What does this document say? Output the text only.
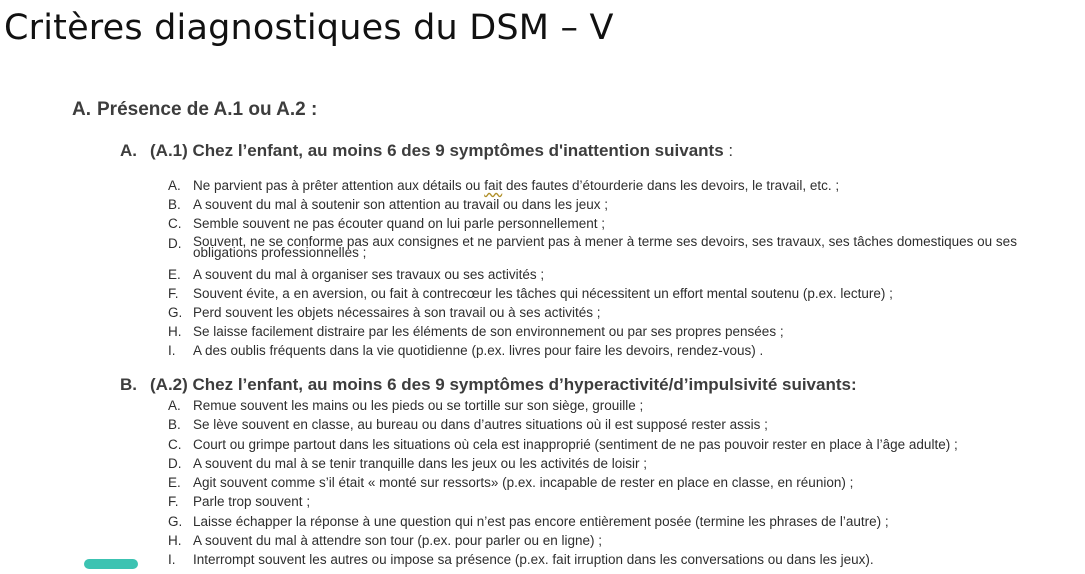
Critères diagnostiques du DSM – V
A. Présence de A.1 ou A.2 :
A. (A.1) Chez l’enfant, au moins 6 des 9 symptômes d'inattention suivants :
A. Ne parvient pas à prêter attention aux détails ou fait des fautes d’étourderie dans les devoirs, le travail, etc. ;
B. A souvent du mal à soutenir son attention au travail ou dans les jeux ;
C. Semble souvent ne pas écouter quand on lui parle personnellement ;
D. Souvent, ne se conforme pas aux consignes et ne parvient pas à mener à terme ses devoirs, ses travaux, ses tâches domestiques ou ses obligations professionnelles ;
E. A souvent du mal à organiser ses travaux ou ses activités ;
F.	Souvent évite, a en aversion, ou fait à contrecœur les tâches qui nécessitent un effort mental soutenu (p.ex. lecture) ;
G. Perd souvent les objets nécessaires à son travail ou à ses activités ;
H. Se laisse facilement distraire par les éléments de son environnement ou par ses propres pensées ;
I.	A des oublis fréquents dans la vie quotidienne (p.ex. livres pour faire les devoirs, rendez-vous) .
B. (A.2) Chez l’enfant, au moins 6 des 9 symptômes d’hyperactivité/d’impulsivité suivants:
A. Remue souvent les mains ou les pieds ou se tortille sur son siège, grouille ;
B. Se lève souvent en classe, au bureau ou dans d’autres situations où il est supposé rester assis ;
C. Court ou grimpe partout dans les situations où cela est inapproprié (sentiment de ne pas pouvoir rester en place à l’âge adulte) ;
D. A souvent du mal à se tenir tranquille dans les jeux ou les activités de loisir ;
E. Agit souvent comme s’il était « monté sur ressorts» (p.ex. incapable de rester en place en classe, en réunion) ;
F.	Parle trop souvent ;
G. Laisse échapper la réponse à une question qui n’est pas encore entièrement posée (termine les phrases de l’autre) ;
H. A souvent du mal à attendre son tour (p.ex. pour parler ou en ligne) ;
I.	Interrompt souvent les autres ou impose sa présence (p.ex. fait irruption dans les conversations ou dans les jeux).
